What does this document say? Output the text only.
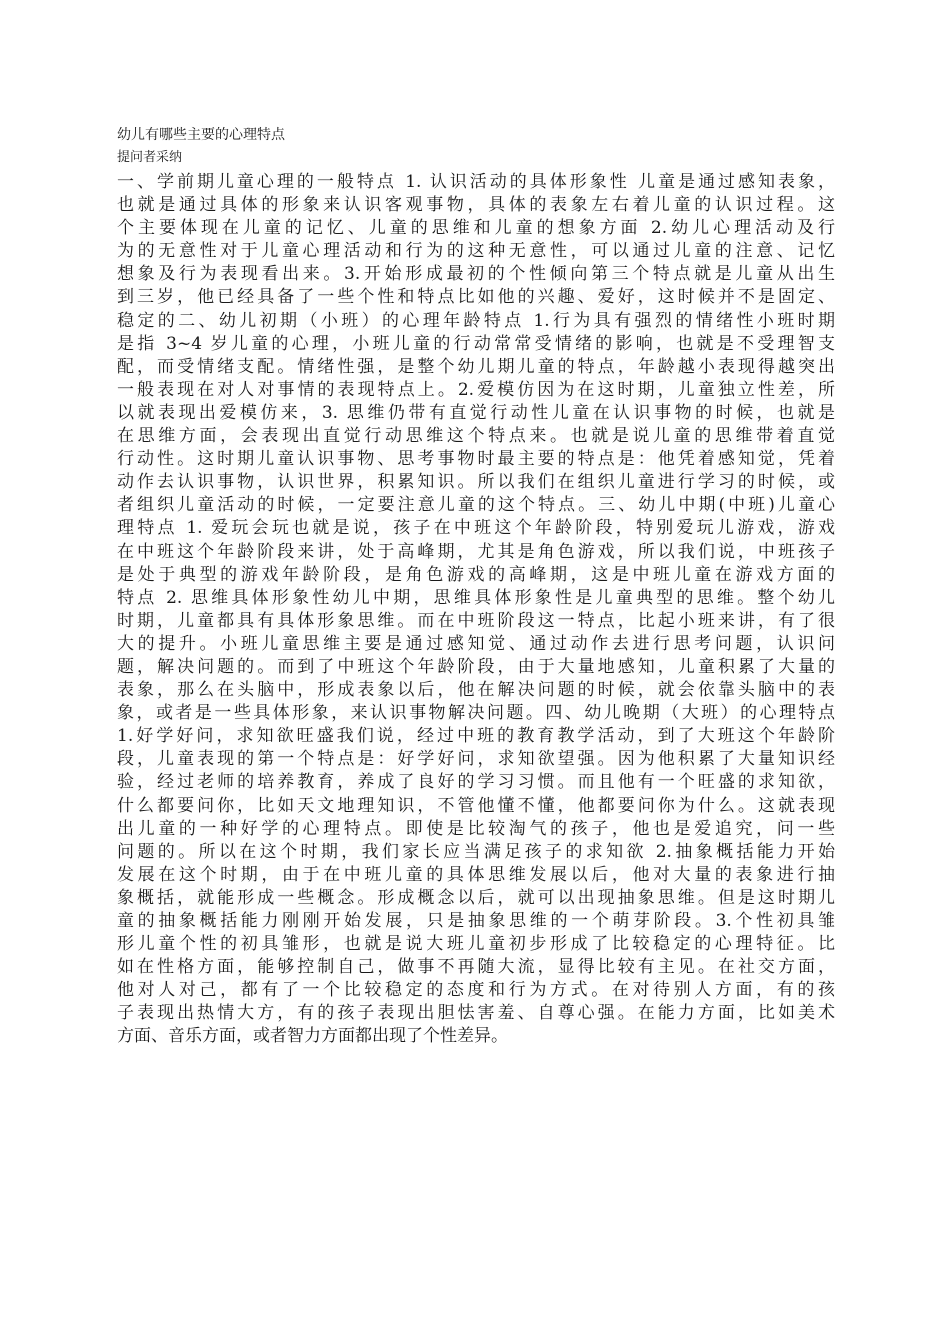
幼儿有哪些主要的心理特点
提问者采纳
一、学前期儿童心理的一般特点 1. 认识活动的具体形象性 儿童是通过感知表象，
也就是通过具体的形象来认识客观事物，具体的表象左右着儿童的认识过程。这
个主要体现在儿童的记忆、儿童的思维和儿童的想象方面 2.幼儿心理活动及行
为的无意性对于儿童心理活动和行为的这种无意性，可以通过儿童的注意、记忆
想象及行为表现看出来。3.开始形成最初的个性倾向第三个特点就是儿童从出生
到三岁，他已经具备了一些个性和特点比如他的兴趣、爱好，这时候并不是固定、
稳定的二、幼儿初期（小班）的心理年龄特点 1.行为具有强烈的情绪性小班时期
是指 3~4 岁儿童的心理，小班儿童的行动常常受情绪的影响，也就是不受理智支
配，而受情绪支配。情绪性强，是整个幼儿期儿童的特点，年龄越小表现得越突出
一般表现在对人对事情的表现特点上。2.爱模仿因为在这时期，儿童独立性差，所
以就表现出爱模仿来，3. 思维仍带有直觉行动性儿童在认识事物的时候，也就是
在思维方面，会表现出直觉行动思维这个特点来。也就是说儿童的思维带着直觉
行动性。这时期儿童认识事物、思考事物时最主要的特点是：他凭着感知觉，凭着
动作去认识事物，认识世界，积累知识。所以我们在组织儿童进行学习的时候，或
者组织儿童活动的时候，一定要注意儿童的这个特点。三、幼儿中期(中班)儿童心
理特点 1. 爱玩会玩也就是说，孩子在中班这个年龄阶段，特别爱玩儿游戏，游戏
在中班这个年龄阶段来讲，处于高峰期，尤其是角色游戏，所以我们说，中班孩子
是处于典型的游戏年龄阶段，是角色游戏的高峰期，这是中班儿童在游戏方面的
特点 2. 思维具体形象性幼儿中期，思维具体形象性是儿童典型的思维。整个幼儿
时期，儿童都具有具体形象思维。而在中班阶段这一特点，比起小班来讲，有了很
大的提升。小班儿童思维主要是通过感知觉、通过动作去进行思考问题，认识问
题，解决问题的。而到了中班这个年龄阶段，由于大量地感知，儿童积累了大量的
表象，那么在头脑中，形成表象以后，他在解决问题的时候，就会依靠头脑中的表
象，或者是一些具体形象，来认识事物解决问题。四、幼儿晚期（大班）的心理特点
1.好学好问，求知欲旺盛我们说，经过中班的教育教学活动，到了大班这个年龄阶
段，儿童表现的第一个特点是：好学好问，求知欲望强。因为他积累了大量知识经
验，经过老师的培养教育，养成了良好的学习习惯。而且他有一个旺盛的求知欲，
什么都要问你，比如天文地理知识，不管他懂不懂，他都要问你为什么。这就表现
出儿童的一种好学的心理特点。即使是比较淘气的孩子，他也是爱追究，问一些
问题的。所以在这个时期，我们家长应当满足孩子的求知欲 2.抽象概括能力开始
发展在这个时期，由于在中班儿童的具体思维发展以后，他对大量的表象进行抽
象概括，就能形成一些概念。形成概念以后，就可以出现抽象思维。但是这时期儿
童的抽象概括能力刚刚开始发展，只是抽象思维的一个萌芽阶段。3.个性初具雏
形儿童个性的初具雏形，也就是说大班儿童初步形成了比较稳定的心理特征。比
如在性格方面，能够控制自己，做事不再随大流，显得比较有主见。在社交方面，
他对人对己，都有了一个比较稳定的态度和行为方式。在对待别人方面，有的孩
子表现出热情大方，有的孩子表现出胆怯害羞、自尊心强。在能力方面，比如美术
方面、音乐方面，或者智力方面都出现了个性差异。
